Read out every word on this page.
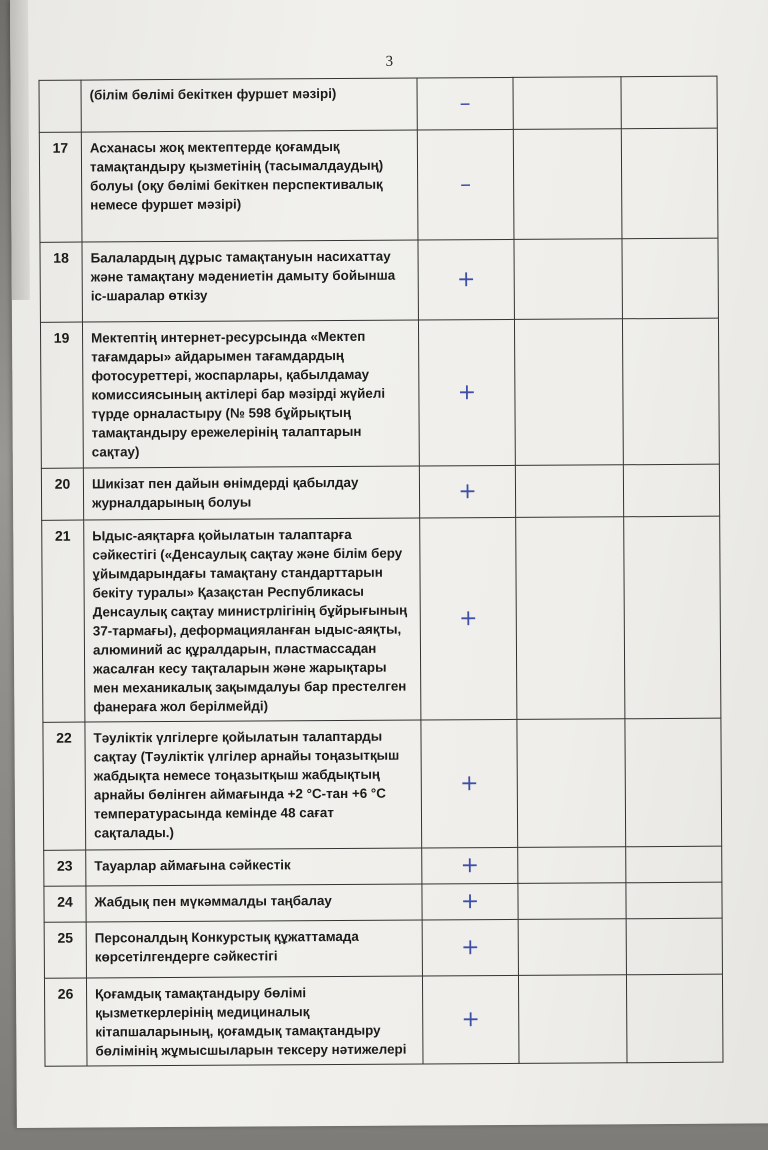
3
	(білім бөлімі бекіткен фуршет мәзірі)	–		
17	Асханасы жоқ мектептерде қоғамдық тамақтандыру қызметінің (тасымалдаудың) болуы (оқу бөлімі бекіткен перспективалық немесе фуршет мәзірі)	–		
18	Балалардың дұрыс тамақтануын насихаттау және тамақтану мәдениетін дамыту бойынша іс-шаралар өткізу	+		
19	Мектептің интернет-ресурсында «Мектеп тағамдары» айдарымен тағамдардың фотосуреттері, жоспарлары, қабылдамау комиссиясының актілері бар мәзірді жүйелі түрде орналастыру (№ 598 бұйрықтың тамақтандыру ережелерінің талаптарын сақтау)	+		
20	Шикізат пен дайын өнімдерді қабылдау журналдарының болуы	+		
21	Ыдыс-аяқтарға қойылатын талаптарға сәйкестігі («Денсаулық сақтау және білім беру ұйымдарындағы тамақтану стандарттарын бекіту туралы» Қазақстан Республикасы Денсаулық сақтау министрлігінің бұйрығының 37-тармағы), деформацияланған ыдыс-аяқты, алюминий ас құралдарын, пластмассадан жасалған кесу тақталарын және жарықтары мен механикалық зақымдалуы бар престелген фанераға жол берілмейді)	+		
22	Тәуліктік үлгілерге қойылатын талаптарды сақтау (Тәуліктік үлгілер арнайы тоңазытқыш жабдықта немесе тоңазытқыш жабдықтың арнайы бөлінген аймағында +2 °С-тан +6 °С температурасында кемінде 48 сағат сақталады.)	+		
23	Тауарлар аймағына сәйкестік	+		
24	Жабдық пен мүкәммалды таңбалау	+		
25	Персоналдың Конкурстық құжаттамада көрсетілгендерге сәйкестігі	+		
26	Қоғамдық тамақтандыру бөлімі қызметкерлерінің медициналық кітапшаларының, қоғамдық тамақтандыру бөлімінің жұмысшыларын тексеру нәтижелері	+		
